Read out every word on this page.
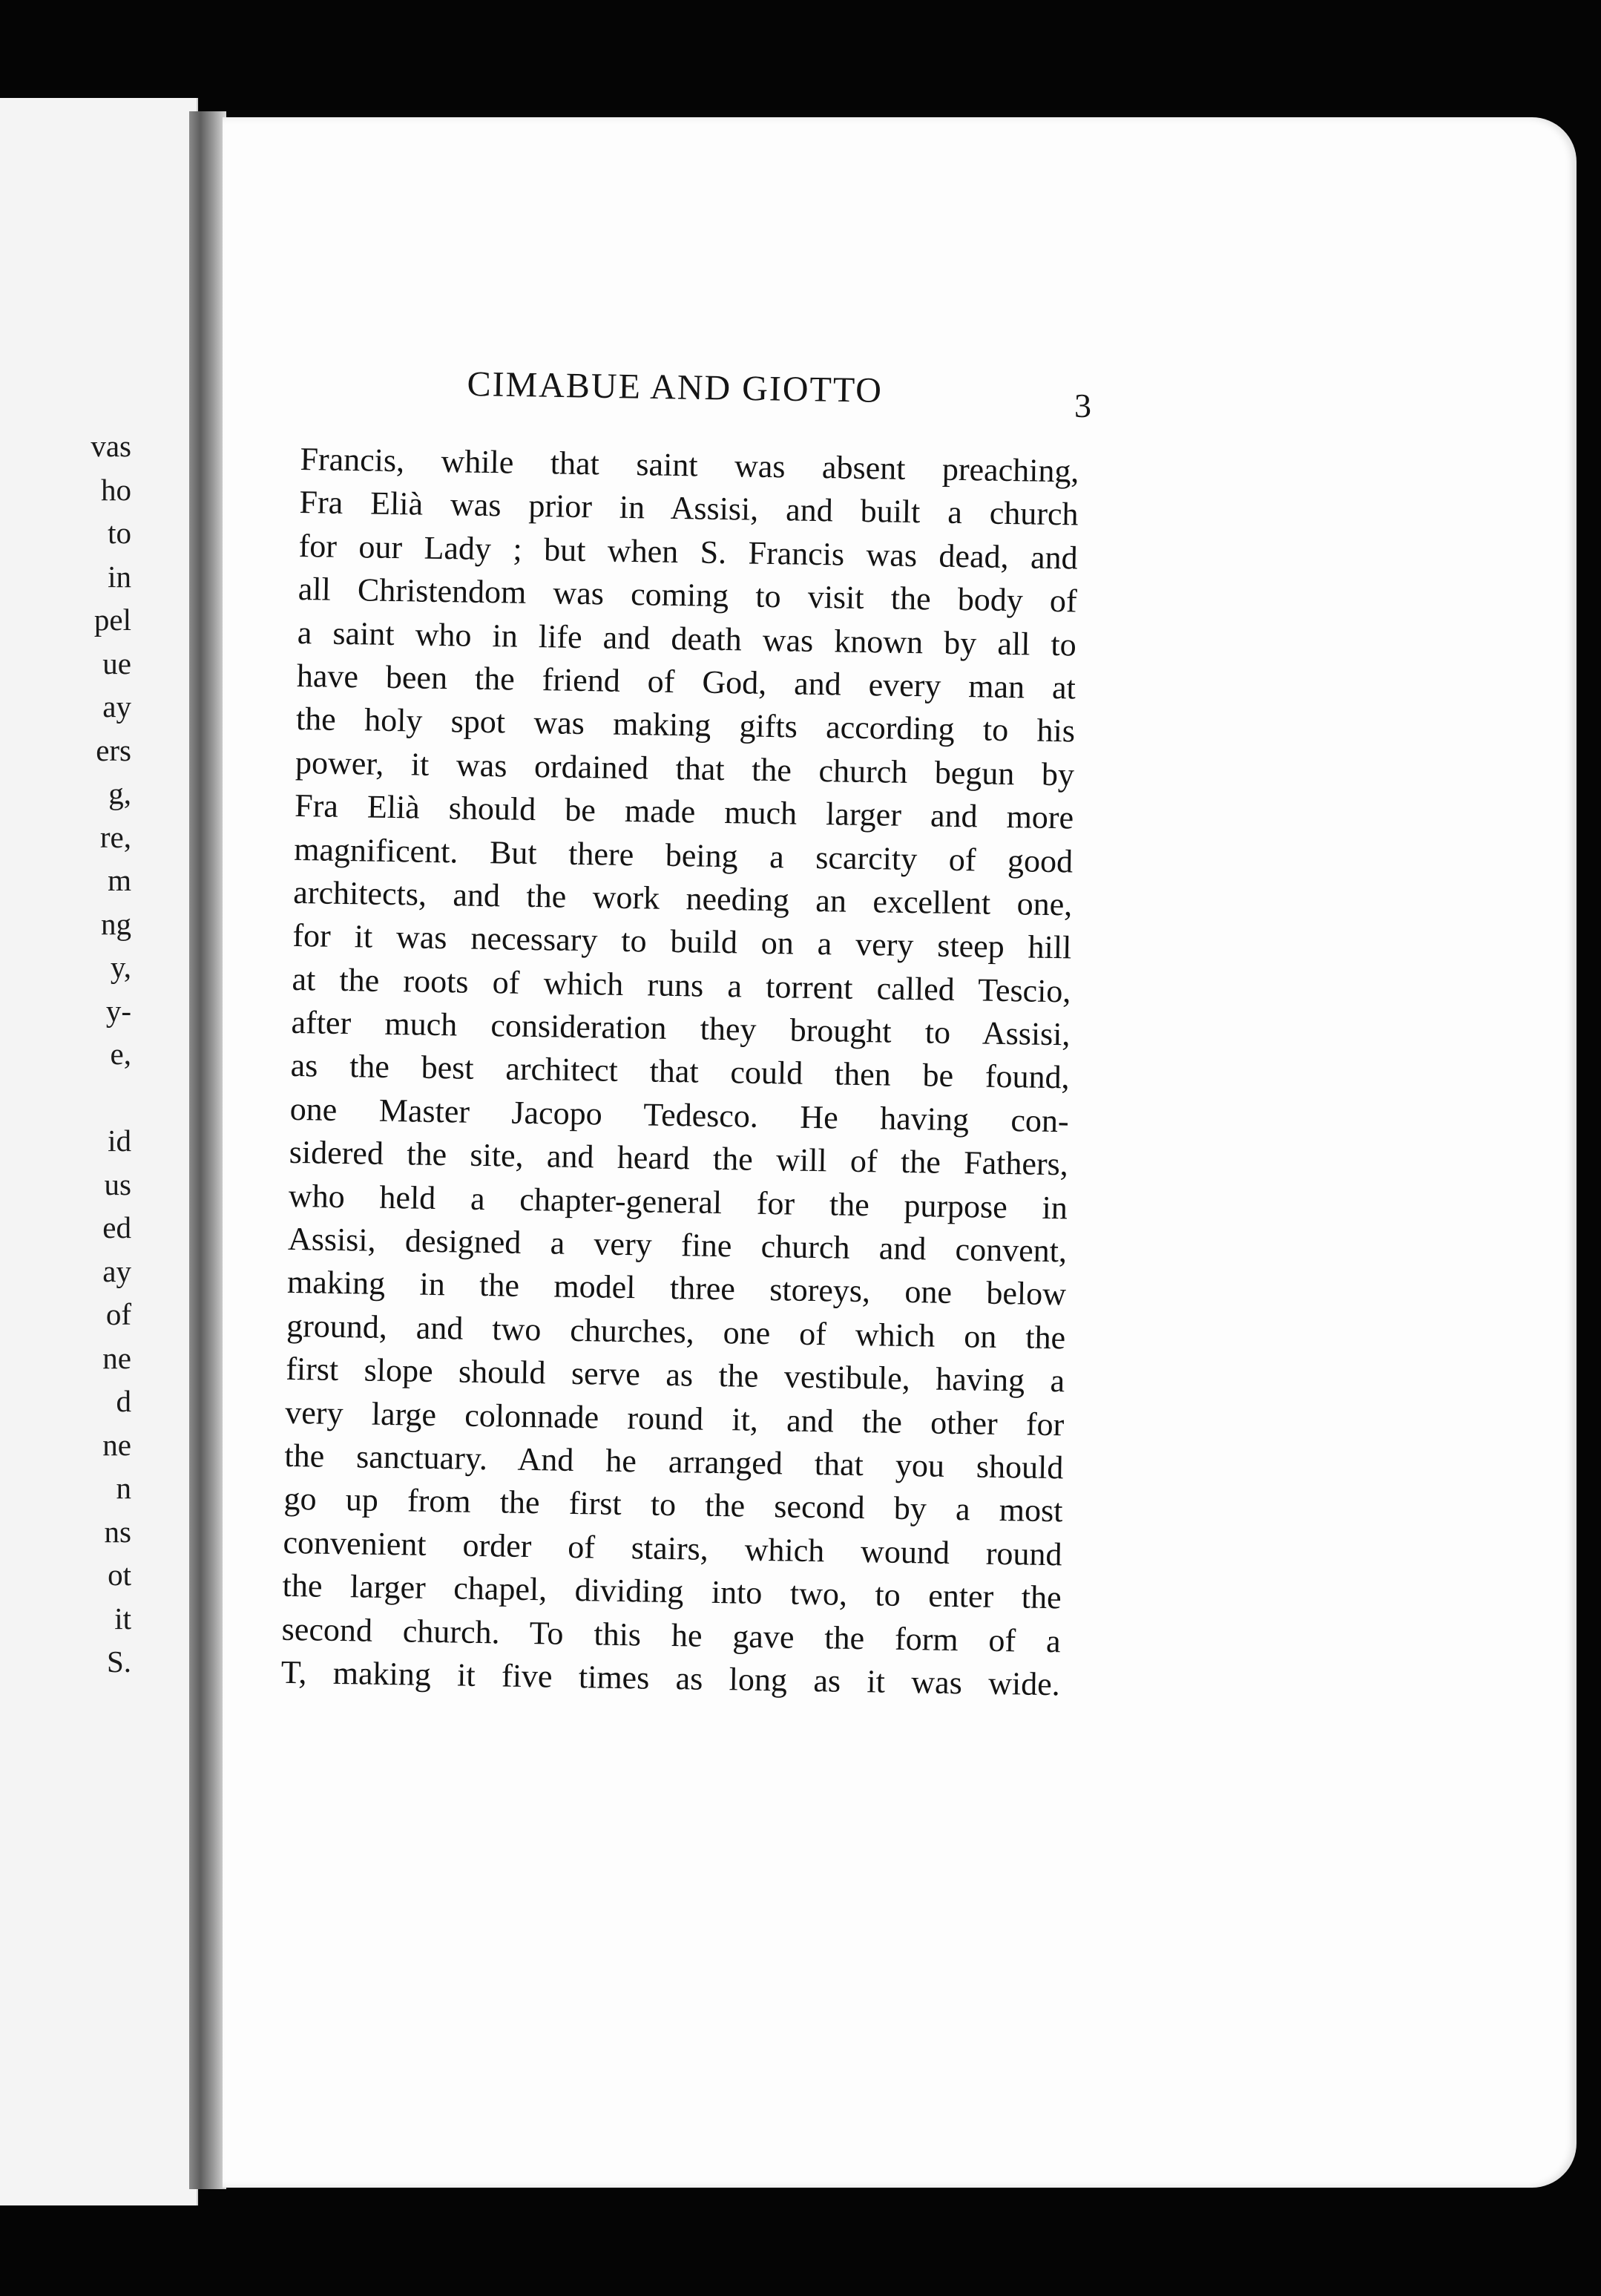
vas
ho
to
in
pel
ue
ay
ers
g,
re,
m
ng
y,
y-
e,
id
us
ed
ay
of
ne
d
ne
n
ns
ot
it
S.
CIMABUE AND GIOTTO	3
Francis, while that saint was absent preaching,
Fra Elià was prior in Assisi, and built a church
for our Lady ; but when S. Francis was dead, and
all Christendom was coming to visit the body of
a saint who in life and death was known by all to
have been the friend of God, and every man at
the holy spot was making gifts according to his
power, it was ordained that the church begun by
Fra Elià should be made much larger and more
magnificent. But there being a scarcity of good
architects, and the work needing an excellent one,
for it was necessary to build on a very steep hill
at the roots of which runs a torrent called Tescio,
after much consideration they brought to Assisi,
as the best architect that could then be found,
one Master Jacopo Tedesco. He having con-
sidered the site, and heard the will of the Fathers,
who held a chapter-general for the purpose in
Assisi, designed a very fine church and convent,
making in the model three storeys, one below
ground, and two churches, one of which on the
first slope should serve as the vestibule, having a
very large colonnade round it, and the other for
the sanctuary. And he arranged that you should
go up from the first to the second by a most
convenient order of stairs, which wound round
the larger chapel, dividing into two, to enter the
second church. To this he gave the form of a
T, making it five times as long as it was wide.
